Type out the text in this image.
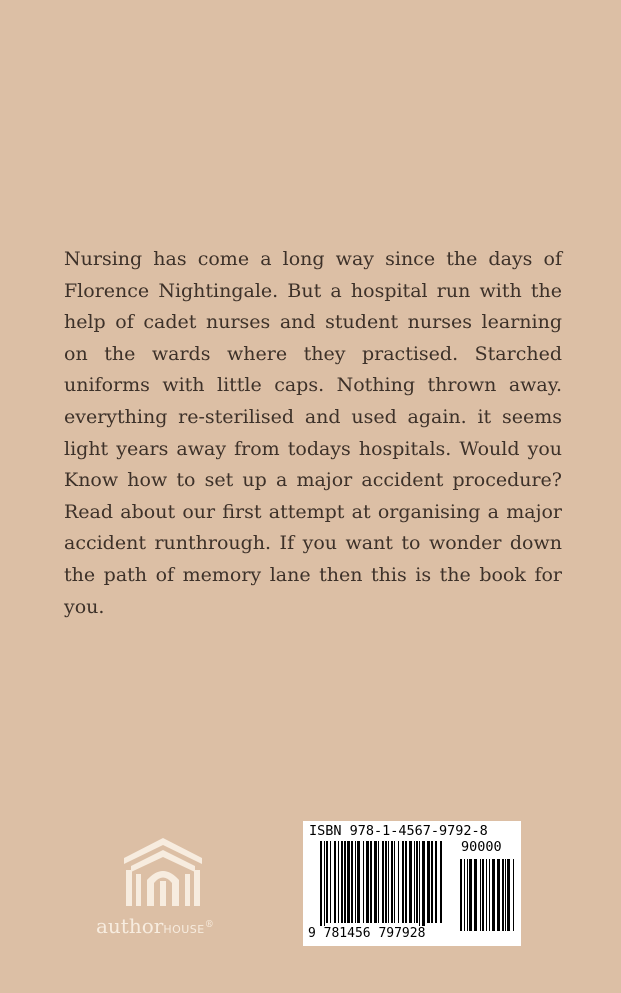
Nursing has come a long way since the days of Florence Nightingale. But a hospital run with the help of cadet nurses and student nurses learning on the wards where they practised. Starched uniforms with little caps. Nothing thrown away. everything re-sterilised and used again. it seems light years away from todays hospitals. Would you Know how to set up a major accident procedure? Read about our first attempt at organising a major accident runthrough. If you want to wonder down the path of memory lane then this is the book for you.

authorHOUSE®
ISBN 978-1-4567-9792-8
90000
9 781456 797928
